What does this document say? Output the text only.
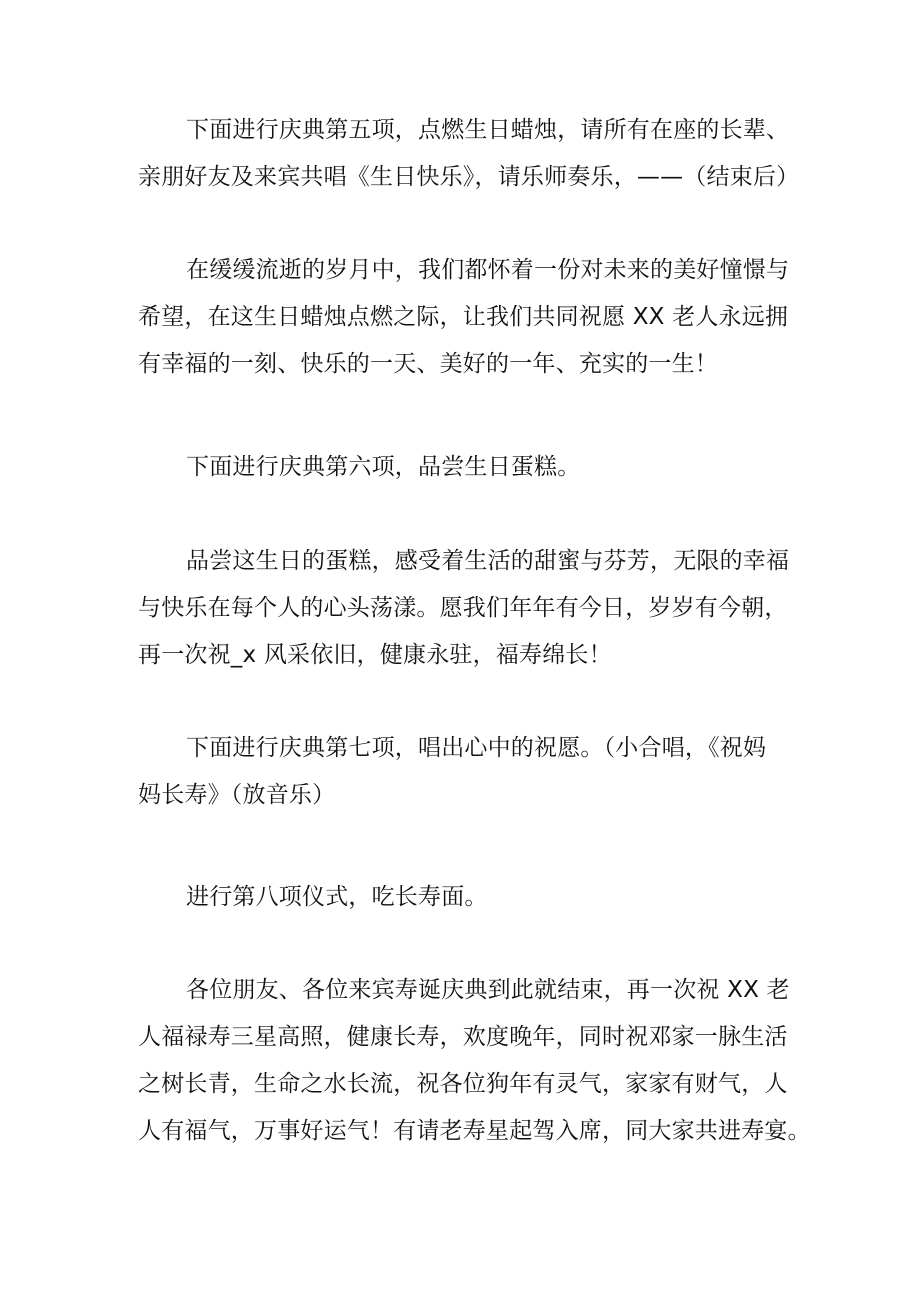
下面进行庆典第五项，点燃生日蜡烛，请所有在座的长辈、
亲朋好友及来宾共唱《生日快乐》，请乐师奏乐，——（结束后）
在缓缓流逝的岁月中，我们都怀着一份对未来的美好憧憬与
希望，在这生日蜡烛点燃之际，让我们共同祝愿 XX 老人永远拥
有幸福的一刻、快乐的一天、美好的一年、充实的一生！
下面进行庆典第六项，品尝生日蛋糕。
品尝这生日的蛋糕，感受着生活的甜蜜与芬芳，无限的幸福
与快乐在每个人的心头荡漾。愿我们年年有今日，岁岁有今朝，
再一次祝_x 风采依旧，健康永驻，福寿绵长！
下面进行庆典第七项，唱出心中的祝愿。（小合唱，《祝妈
妈长寿》（放音乐）
进行第八项仪式，吃长寿面。
各位朋友、各位来宾寿诞庆典到此就结束，再一次祝 XX 老
人福禄寿三星高照，健康长寿，欢度晚年，同时祝邓家一脉生活
之树长青，生命之水长流，祝各位狗年有灵气，家家有财气，人
人有福气，万事好运气！有请老寿星起驾入席，同大家共进寿宴。
